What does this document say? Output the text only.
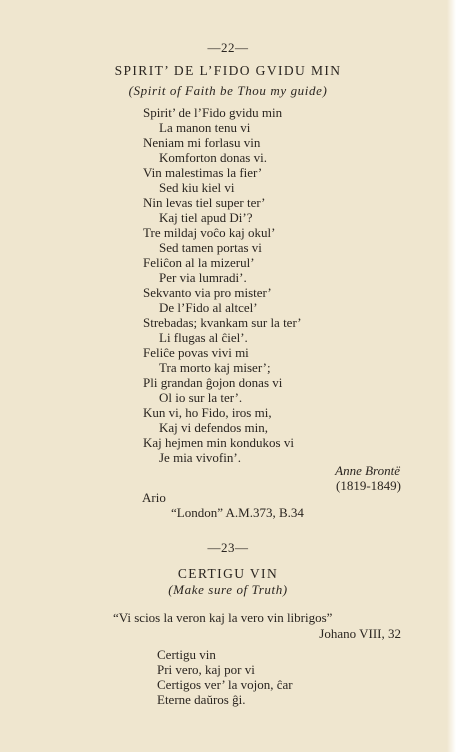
—22—
SPIRIT’ DE L’FIDO GVIDU MIN
(Spirit of Faith be Thou my guide)
Spirit’ de l’Fido gvidu min
La manon tenu vi
Neniam mi forlasu vin
Komforton donas vi.
Vin malestimas la fier’
Sed kiu kiel vi
Nin levas tiel super ter’
Kaj tiel apud Di’?
Tre mildaj voĉo kaj okul’
Sed tamen portas vi
Feliĉon al la mizerul’
Per via lumradi’.
Sekvanto via pro mister’
De l’Fido al altcel’
Strebadas; kvankam sur la ter’
Li flugas al ĉiel’.
Feliĉe povas vivi mi
Tra morto kaj miser’;
Pli grandan ĝojon donas vi
Ol io sur la ter’.
Kun vi, ho Fido, iros mi,
Kaj vi defendos min,
Kaj hejmen min kondukos vi
Je mia vivofin’.
Anne Brontë
(1819-1849)
Ario
“London” A.M.373, B.34
—23—
CERTIGU VIN
(Make sure of Truth)
“Vi scios la veron kaj la vero vin librigos”
Johano VIII, 32
Certigu vin
Pri vero, kaj por vi
Certigos ver’ la vojon, ĉar
Eterne daŭros ĝi.
